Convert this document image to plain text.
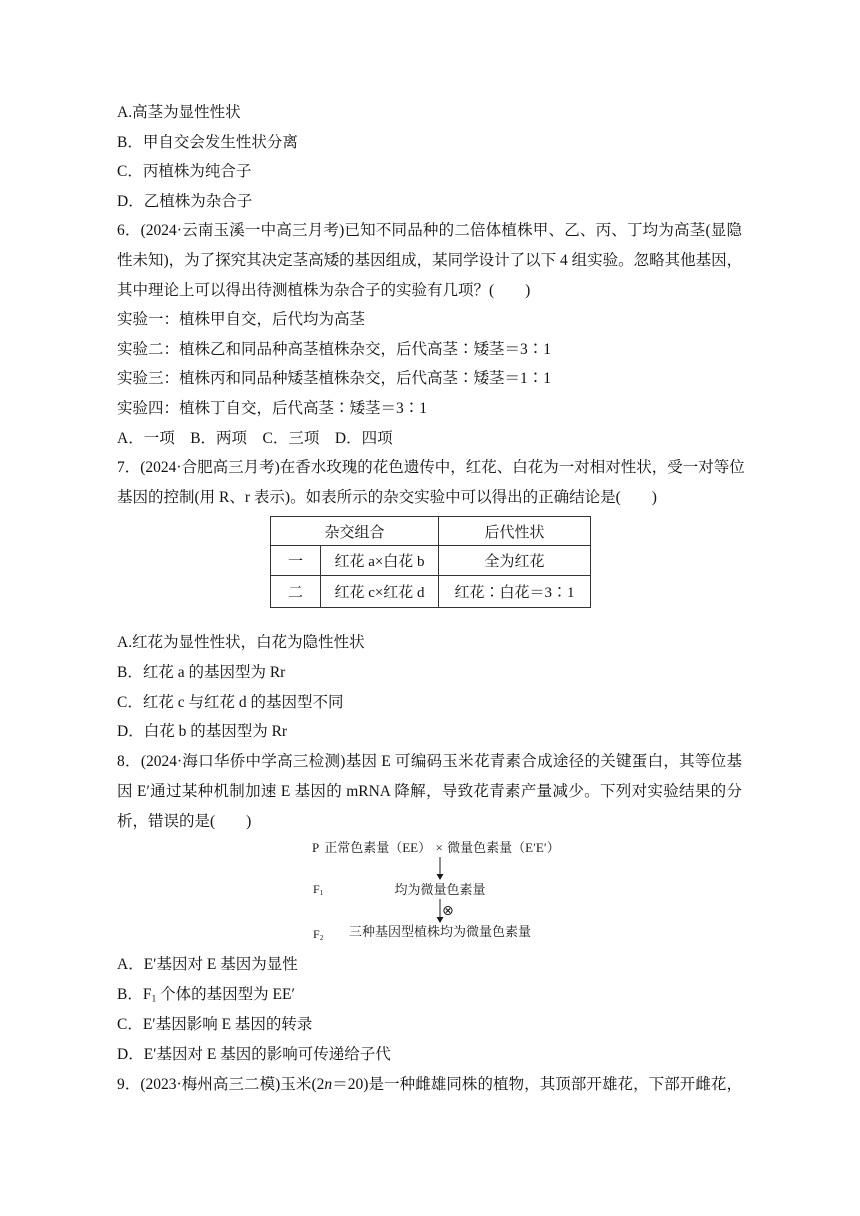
A.高茎为显性性状
B．甲自交会发生性状分离
C．丙植株为纯合子
D．乙植株为杂合子
6．(2024·云南玉溪一中高三月考)已知不同品种的二倍体植株甲、乙、丙、丁均为高茎(显隐
性未知)，为了探究其决定茎高矮的基因组成，某同学设计了以下 4 组实验。忽略其他基因，
其中理论上可以得出待测植株为杂合子的实验有几项？(　　)
实验一：植株甲自交，后代均为高茎
实验二：植株乙和同品种高茎植株杂交，后代高茎∶矮茎＝3∶1
实验三：植株丙和同品种矮茎植株杂交，后代高茎∶矮茎＝1∶1
实验四：植株丁自交，后代高茎∶矮茎＝3∶1
A．一项　B．两项　C．三项　D．四项
7．(2024·合肥高三月考)在香水玫瑰的花色遗传中，红花、白花为一对相对性状，受一对等位
基因的控制(用 R、r 表示)。如表所示的杂交实验中可以得出的正确结论是(　　)
杂交组合		后代性状
一	红花 a×白花 b	全为红花
二	红花 c×红花 d	红花∶白花＝3∶1
A.红花为显性性状，白花为隐性性状
B．红花 a 的基因型为 Rr
C．红花 c 与红花 d 的基因型不同
D．白花 b 的基因型为 Rr
8．(2024·海口华侨中学高三检测)基因 E 可编码玉米花青素合成途径的关键蛋白，其等位基
因 E′通过某种机制加速 E 基因的 mRNA 降解，导致花青素产量减少。下列对实验结果的分
析，错误的是(　　)
P 正常色素量（EE） × 微量色素量（E′E′）
$F_1$	均为微量色素量
⊗
$F_2$	三种基因型植株均为微量色素量
A．E′基因对 E 基因为显性
B．$F_1$ 个体的基因型为 EE′
C．E′基因影响 E 基因的转录
D．E′基因对 E 基因的影响可传递给子代
9．(2023·梅州高三二模)玉米(2n＝20)是一种雌雄同株的植物，其顶部开雄花，下部开雌花，
